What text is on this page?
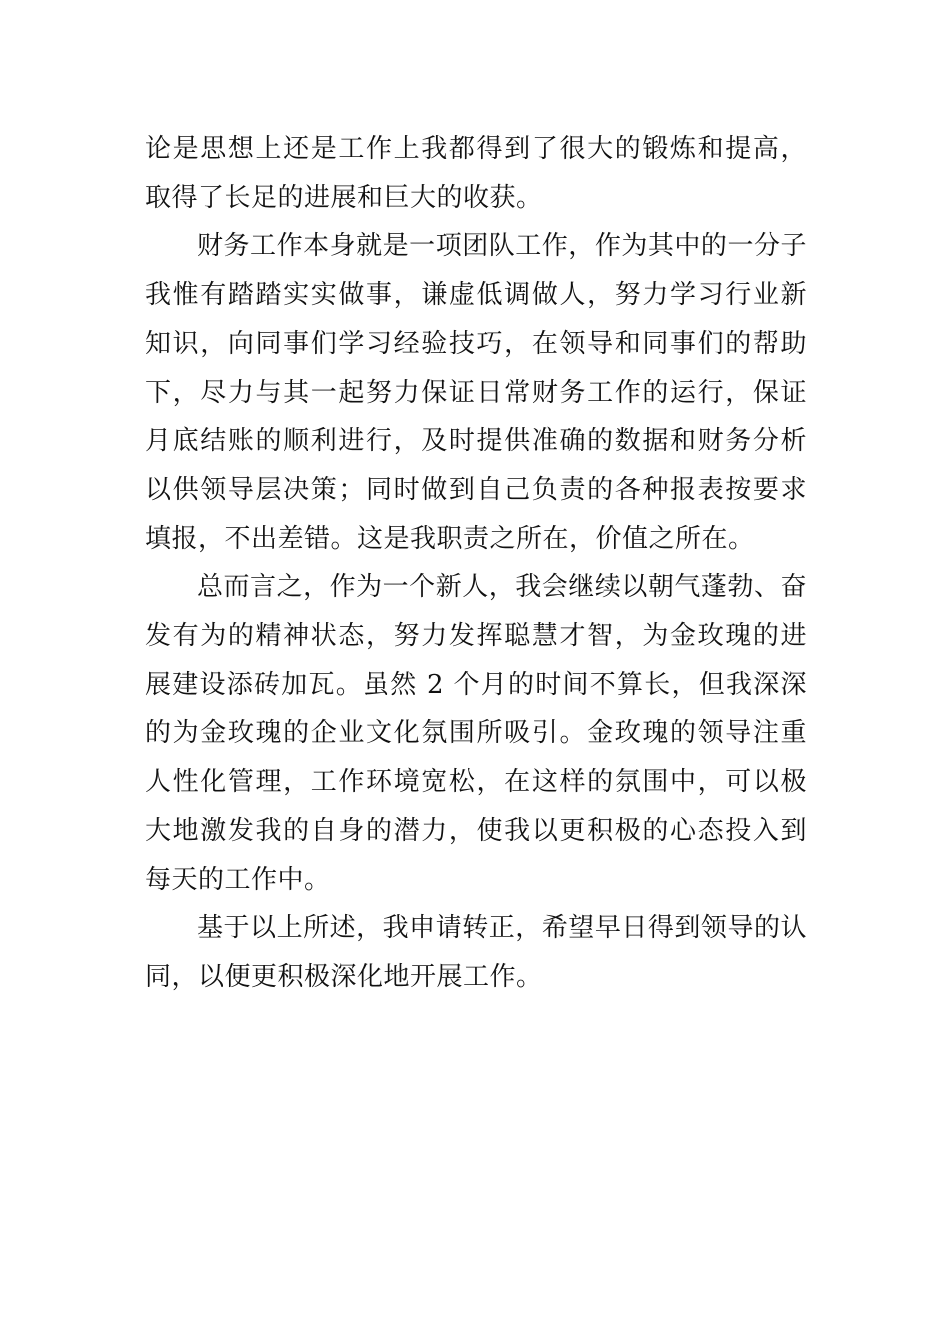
论是思想上还是工作上我都得到了很大的锻炼和提高，取得了长足的进展和巨大的收获。

财务工作本身就是一项团队工作，作为其中的一分子我惟有踏踏实实做事，谦虚低调做人，努力学习行业新知识，向同事们学习经验技巧，在领导和同事们的帮助下，尽力与其一起努力保证日常财务工作的运行，保证月底结账的顺利进行，及时提供准确的数据和财务分析以供领导层决策；同时做到自己负责的各种报表按要求填报，不出差错。这是我职责之所在，价值之所在。

总而言之，作为一个新人，我会继续以朝气蓬勃、奋发有为的精神状态，努力发挥聪慧才智，为金玫瑰的进展建设添砖加瓦。虽然 2 个月的时间不算长，但我深深的为金玫瑰的企业文化氛围所吸引。金玫瑰的领导注重人性化管理，工作环境宽松，在这样的氛围中，可以极大地激发我的自身的潜力，使我以更积极的心态投入到每天的工作中。

基于以上所述，我申请转正，希望早日得到领导的认同，以便更积极深化地开展工作。
